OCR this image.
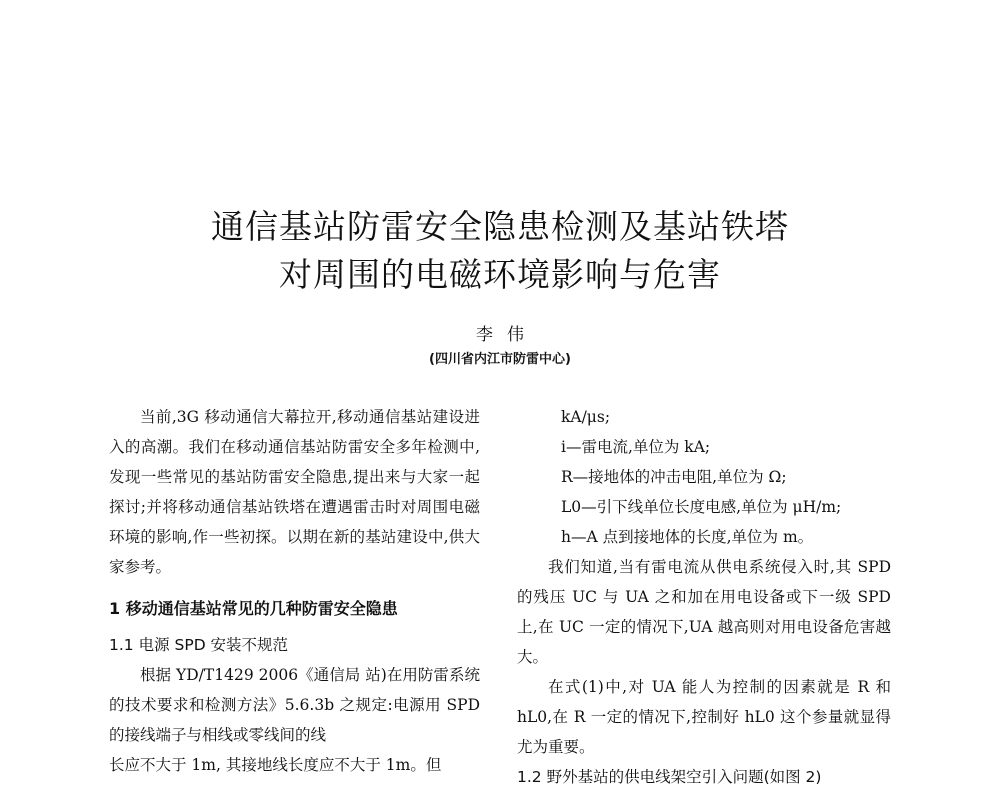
通信基站防雷安全隐患检测及基站铁塔
对周围的电磁环境影响与危害
李伟
(四川省内江市防雷中心)

当前,3G 移动通信大幕拉开,移动通信基站建设进入的高潮。我们在移动通信基站防雷安全多年检测中,发现一些常见的基站防雷安全隐患,提出来与大家一起探讨;并将移动通信基站铁塔在遭遇雷击时对周围电磁环境的影响,作一些初探。以期在新的基站建设中,供大家参考。

1 移动通信基站常见的几种防雷安全隐患

1.1 电源 SPD 安装不规范

根据 YD/T1429 2006《通信局 站)在用防雷系统的技术要求和检测方法》5.6.3b 之规定:电源用 SPD 的接线端子与相线或零线间的线

长应不大于 1m, 其接地线长度应不大于 1m。但

kA/μs;

i—雷电流,单位为 kA;

R—接地体的冲击电阻,单位为 Ω;

L0—引下线单位长度电感,单位为 μH/m;

h—A 点到接地体的长度,单位为 m。

我们知道,当有雷电流从供电系统侵入时,其 SPD 的残压 UC 与 UA 之和加在用电设备或下一级 SPD 上,在 UC 一定的情况下,UA 越高则对用电设备危害越大。

在式(1)中,对 UA 能人为控制的因素就是 R 和 hL0,在 R 一定的情况下,控制好 hL0 这个参量就显得尤为重要。

1.2 野外基站的供电线架空引入问题(如图 2)
